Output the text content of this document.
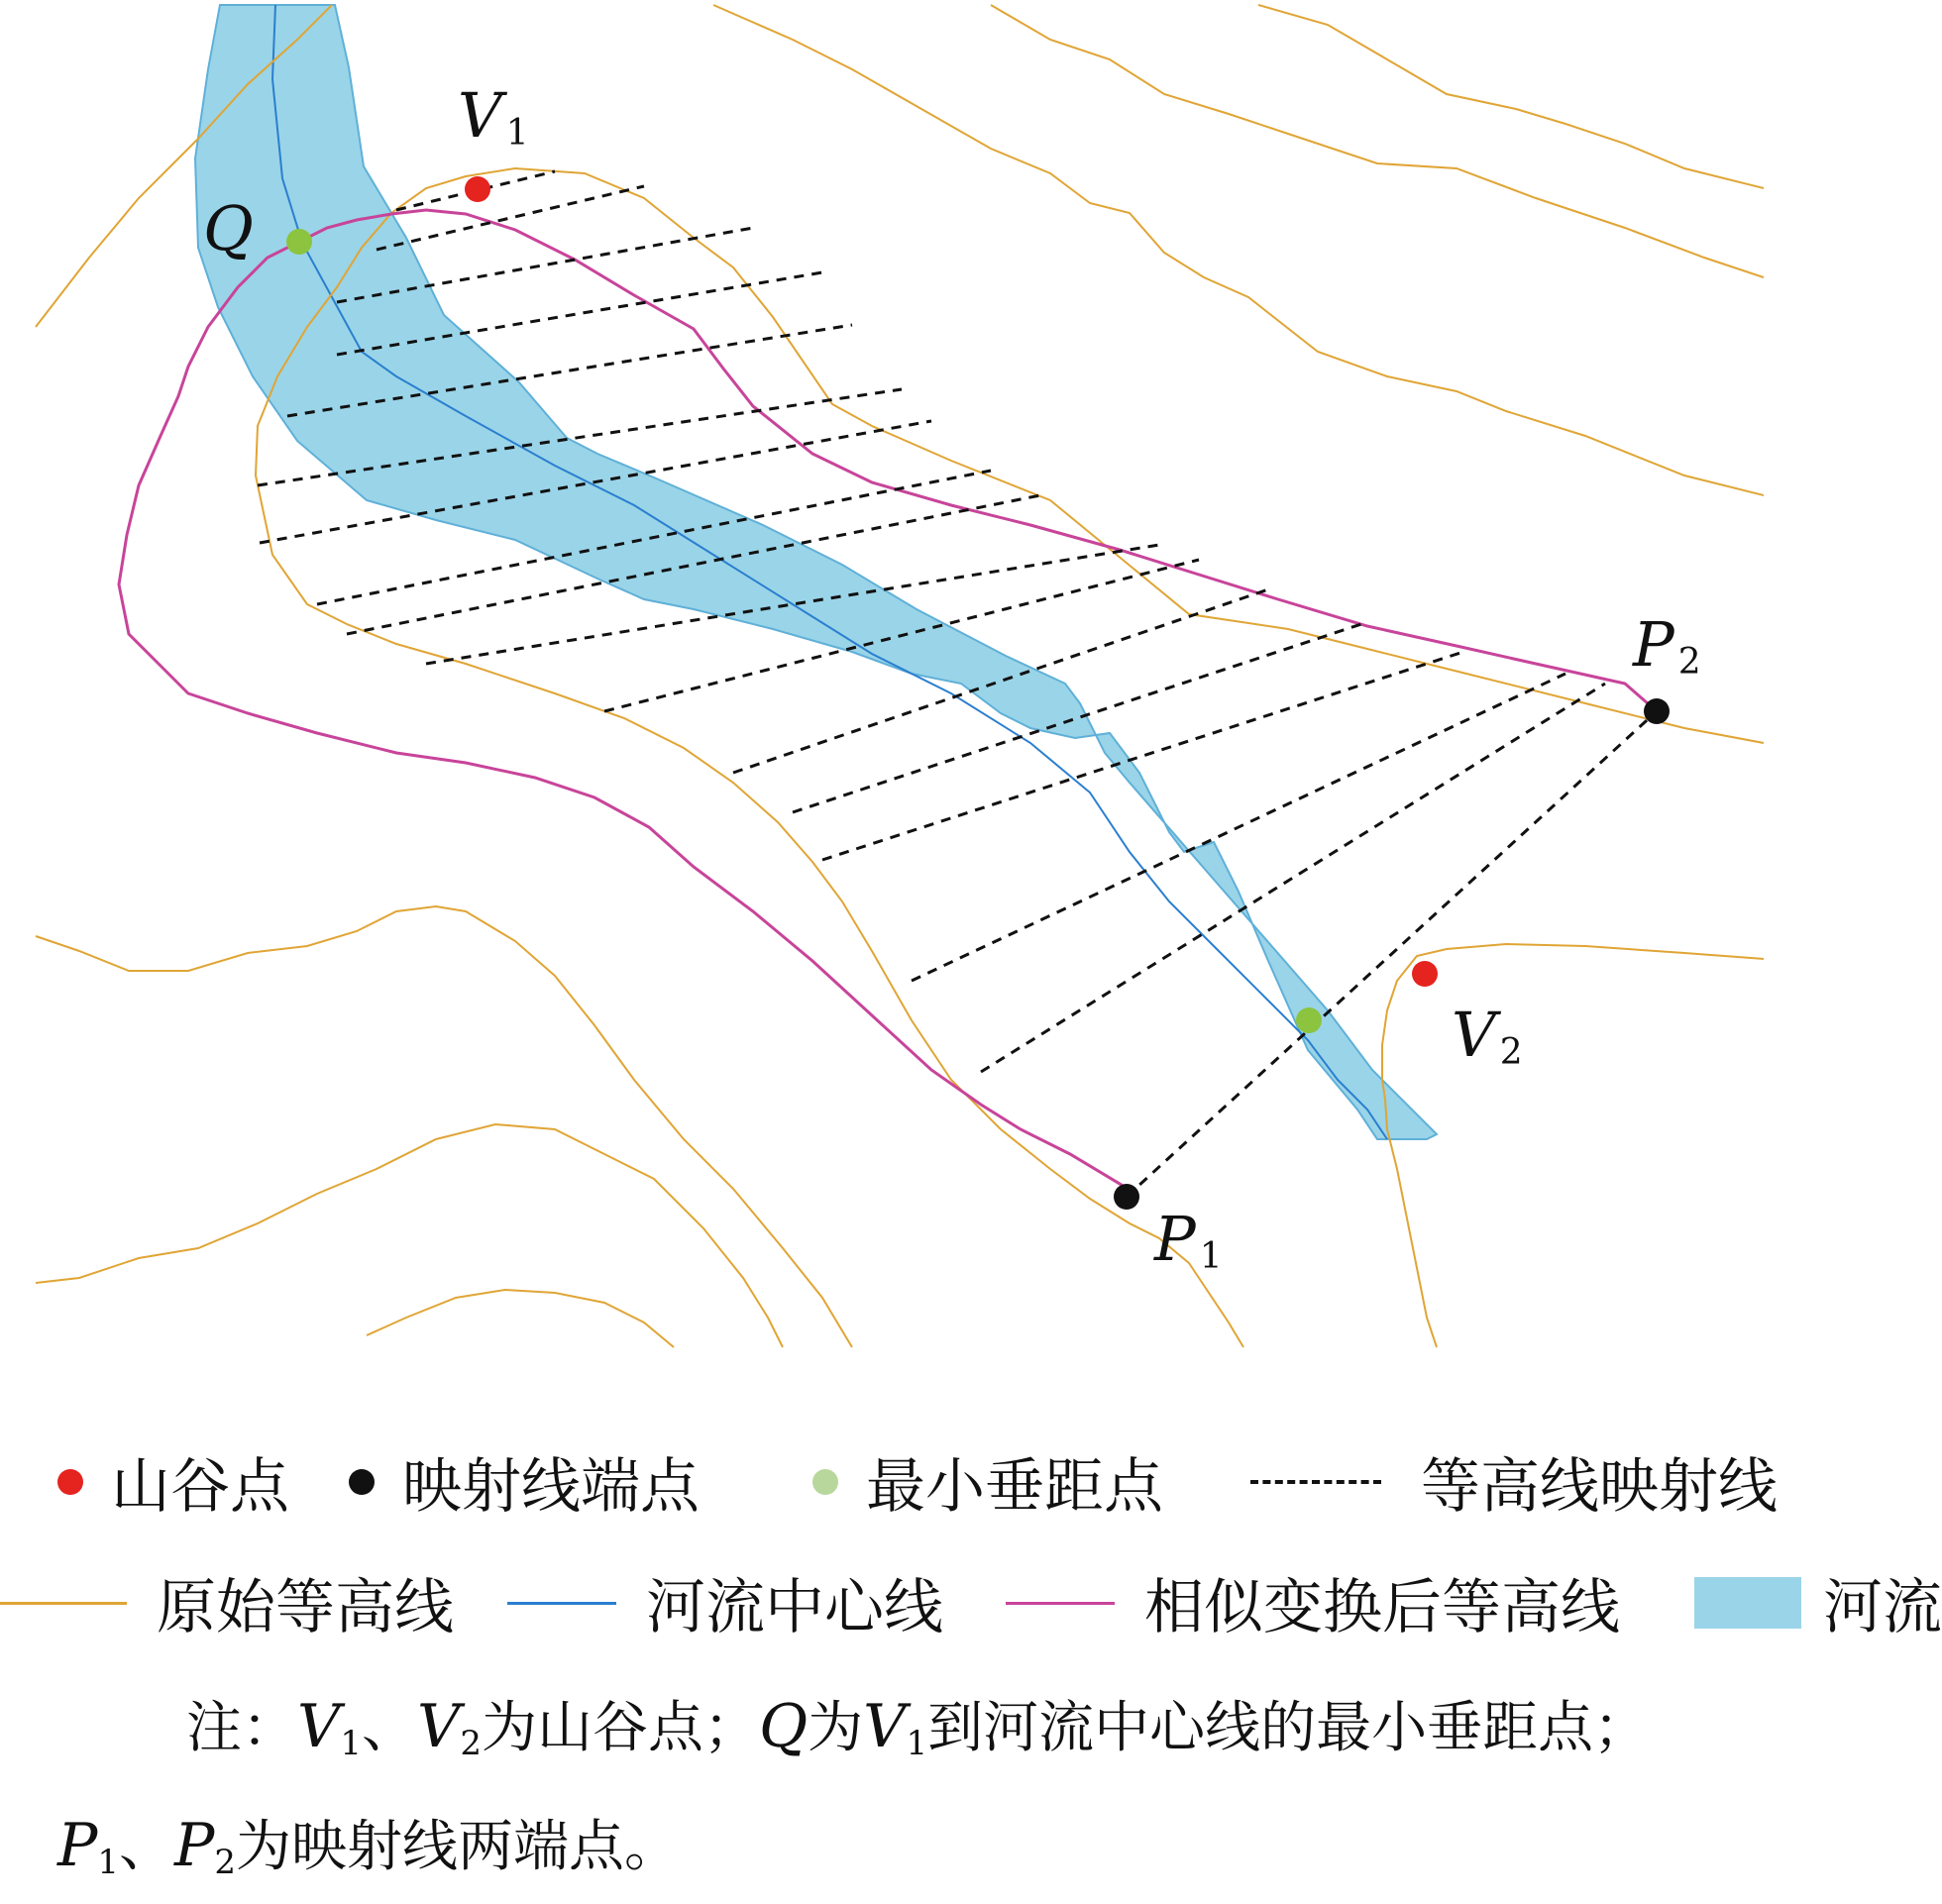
V 1
Q
V 2
P 1
P 2
山谷点 映射线端点	最小垂距点	等高线映射线
原始等高线	河流中心线	相似变换后等高线	河流
注：$V_1$、$V_2$为山谷点；Q为$V_1$到河流中心线的最小垂距点；
$P_1$、$P_2$为映射线两端点。
